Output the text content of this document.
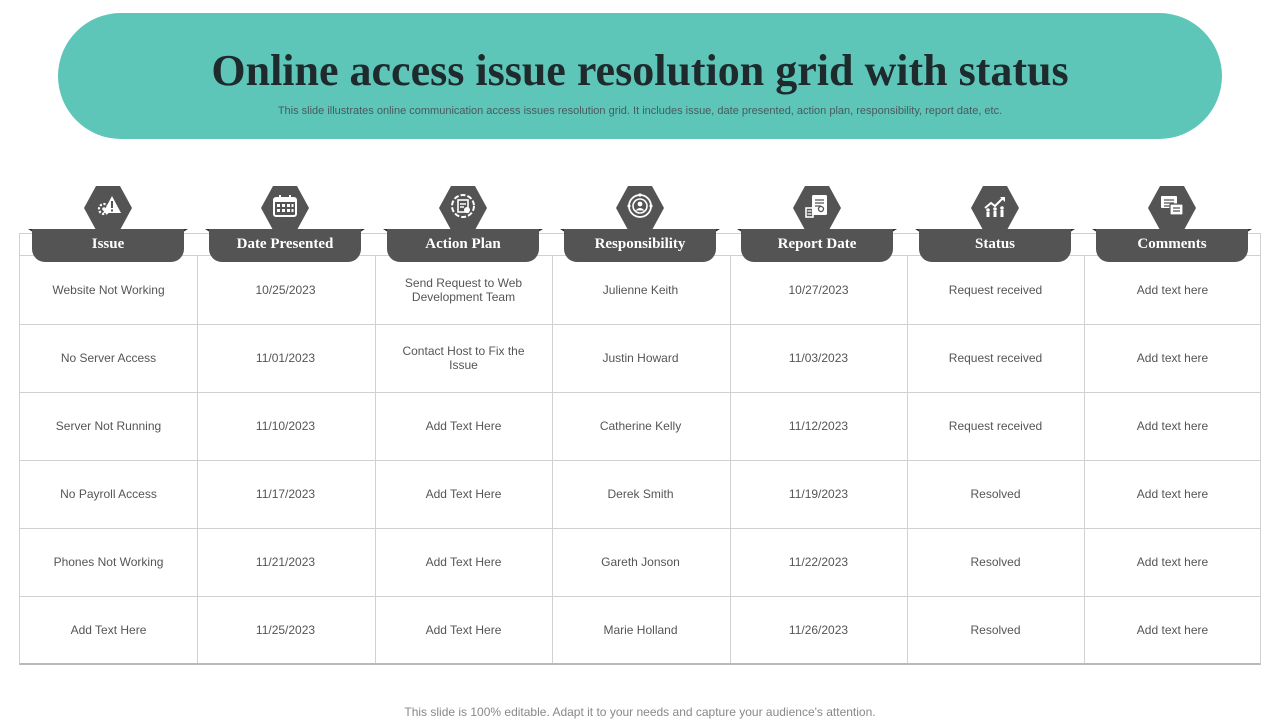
Online access issue resolution grid with status

This slide illustrates online communication access issues resolution grid. It includes issue, date presented, action plan, responsibility, report date, etc.

Website Not Working	10/25/2023	Send Request to Web Development Team	Julienne Keith	10/27/2023	Request received	Add text here
No Server Access	11/01/2023	Contact Host to Fix the Issue	Justin Howard	11/03/2023	Request received	Add text here
Server Not Running	11/10/2023	Add Text Here	Catherine Kelly	11/12/2023	Request received	Add text here
No Payroll Access	11/17/2023	Add Text Here	Derek Smith	11/19/2023	Resolved	Add text here
Phones Not Working	11/21/2023	Add Text Here	Gareth Jonson	11/22/2023	Resolved	Add text here
Add Text Here	11/25/2023	Add Text Here	Marie Holland	11/26/2023	Resolved	Add text here
Issue	Date Presented	Action Plan	Responsibility	Report Date	Status	Comments
This slide is 100% editable. Adapt it to your needs and capture your audience's attention.
